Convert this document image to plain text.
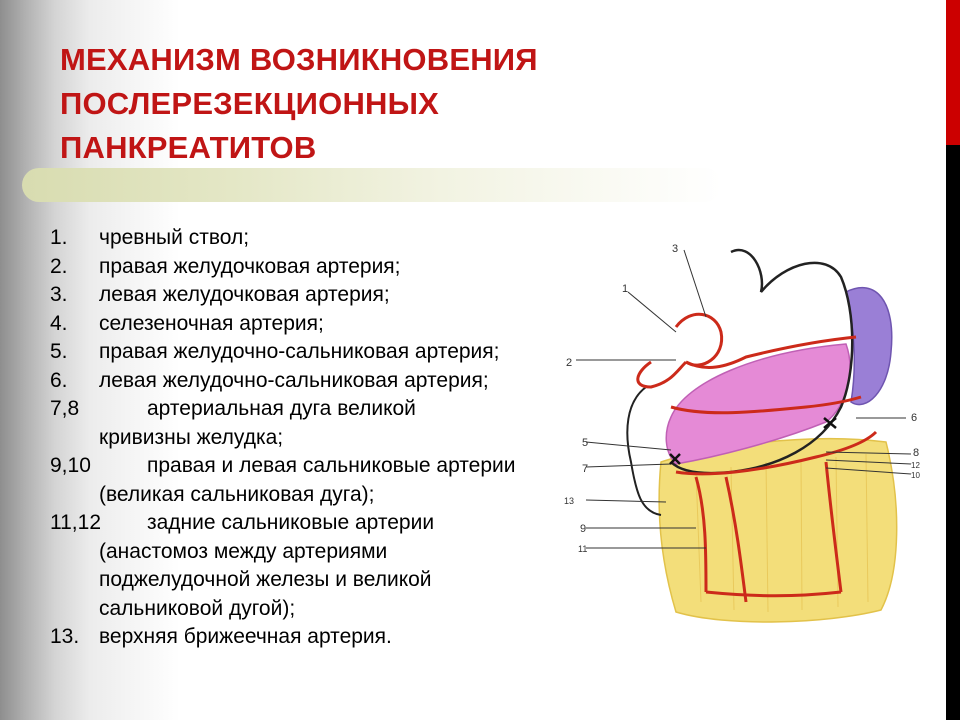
МЕХАНИЗМ ВОЗНИКНОВЕНИЯ
ПОСЛЕРЕЗЕКЦИОННЫХ
ПАНКРЕАТИТОВ
1.	чревный ствол;
2.	правая желудочковая артерия;
3.	левая желудочковая артерия;
4.	селезеночная артерия;
5.	правая желудочно-сальниковая артерия;
6.	левая желудочно-сальниковая артерия;
7,8	артериальная дуга великой кривизны желудка;
9,10	правая и левая сальниковые артерии (великая сальниковая дуга);
11,12	задние сальниковые артерии (анастомоз между артериями поджелудочной железы и великой сальниковой дугой);
13. верхняя брижеечная артерия.
3
1
2
6
5
8
12
7
10
13
9
11
